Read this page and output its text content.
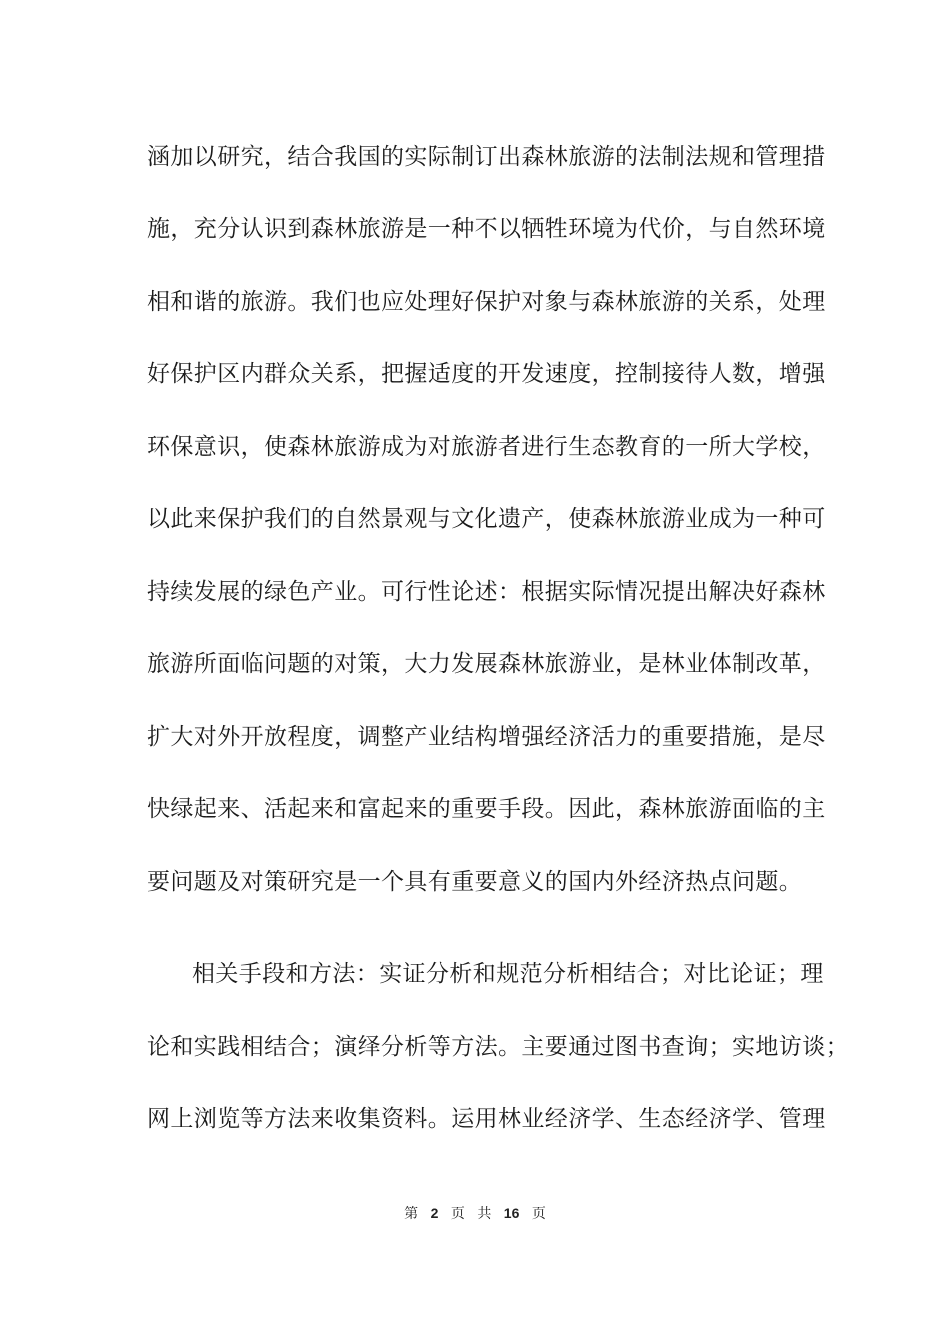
涵加以研究，结合我国的实际制订出森林旅游的法制法规和管理措
施，充分认识到森林旅游是一种不以牺牲环境为代价，与自然环境
相和谐的旅游。我们也应处理好保护对象与森林旅游的关系，处理
好保护区内群众关系，把握适度的开发速度，控制接待人数，增强
环保意识，使森林旅游成为对旅游者进行生态教育的一所大学校，
以此来保护我们的自然景观与文化遗产，使森林旅游业成为一种可
持续发展的绿色产业。可行性论述：根据实际情况提出解决好森林
旅游所面临问题的对策，大力发展森林旅游业，是林业体制改革，
扩大对外开放程度，调整产业结构增强经济活力的重要措施，是尽
快绿起来、活起来和富起来的重要手段。因此，森林旅游面临的主
要问题及对策研究是一个具有重要意义的国内外经济热点问题。
相关手段和方法：实证分析和规范分析相结合；对比论证；理
论和实践相结合；演绎分析等方法。主要通过图书查询；实地访谈；
网上浏览等方法来收集资料。运用林业经济学、生态经济学、管理
第 2 页 共 16 页
